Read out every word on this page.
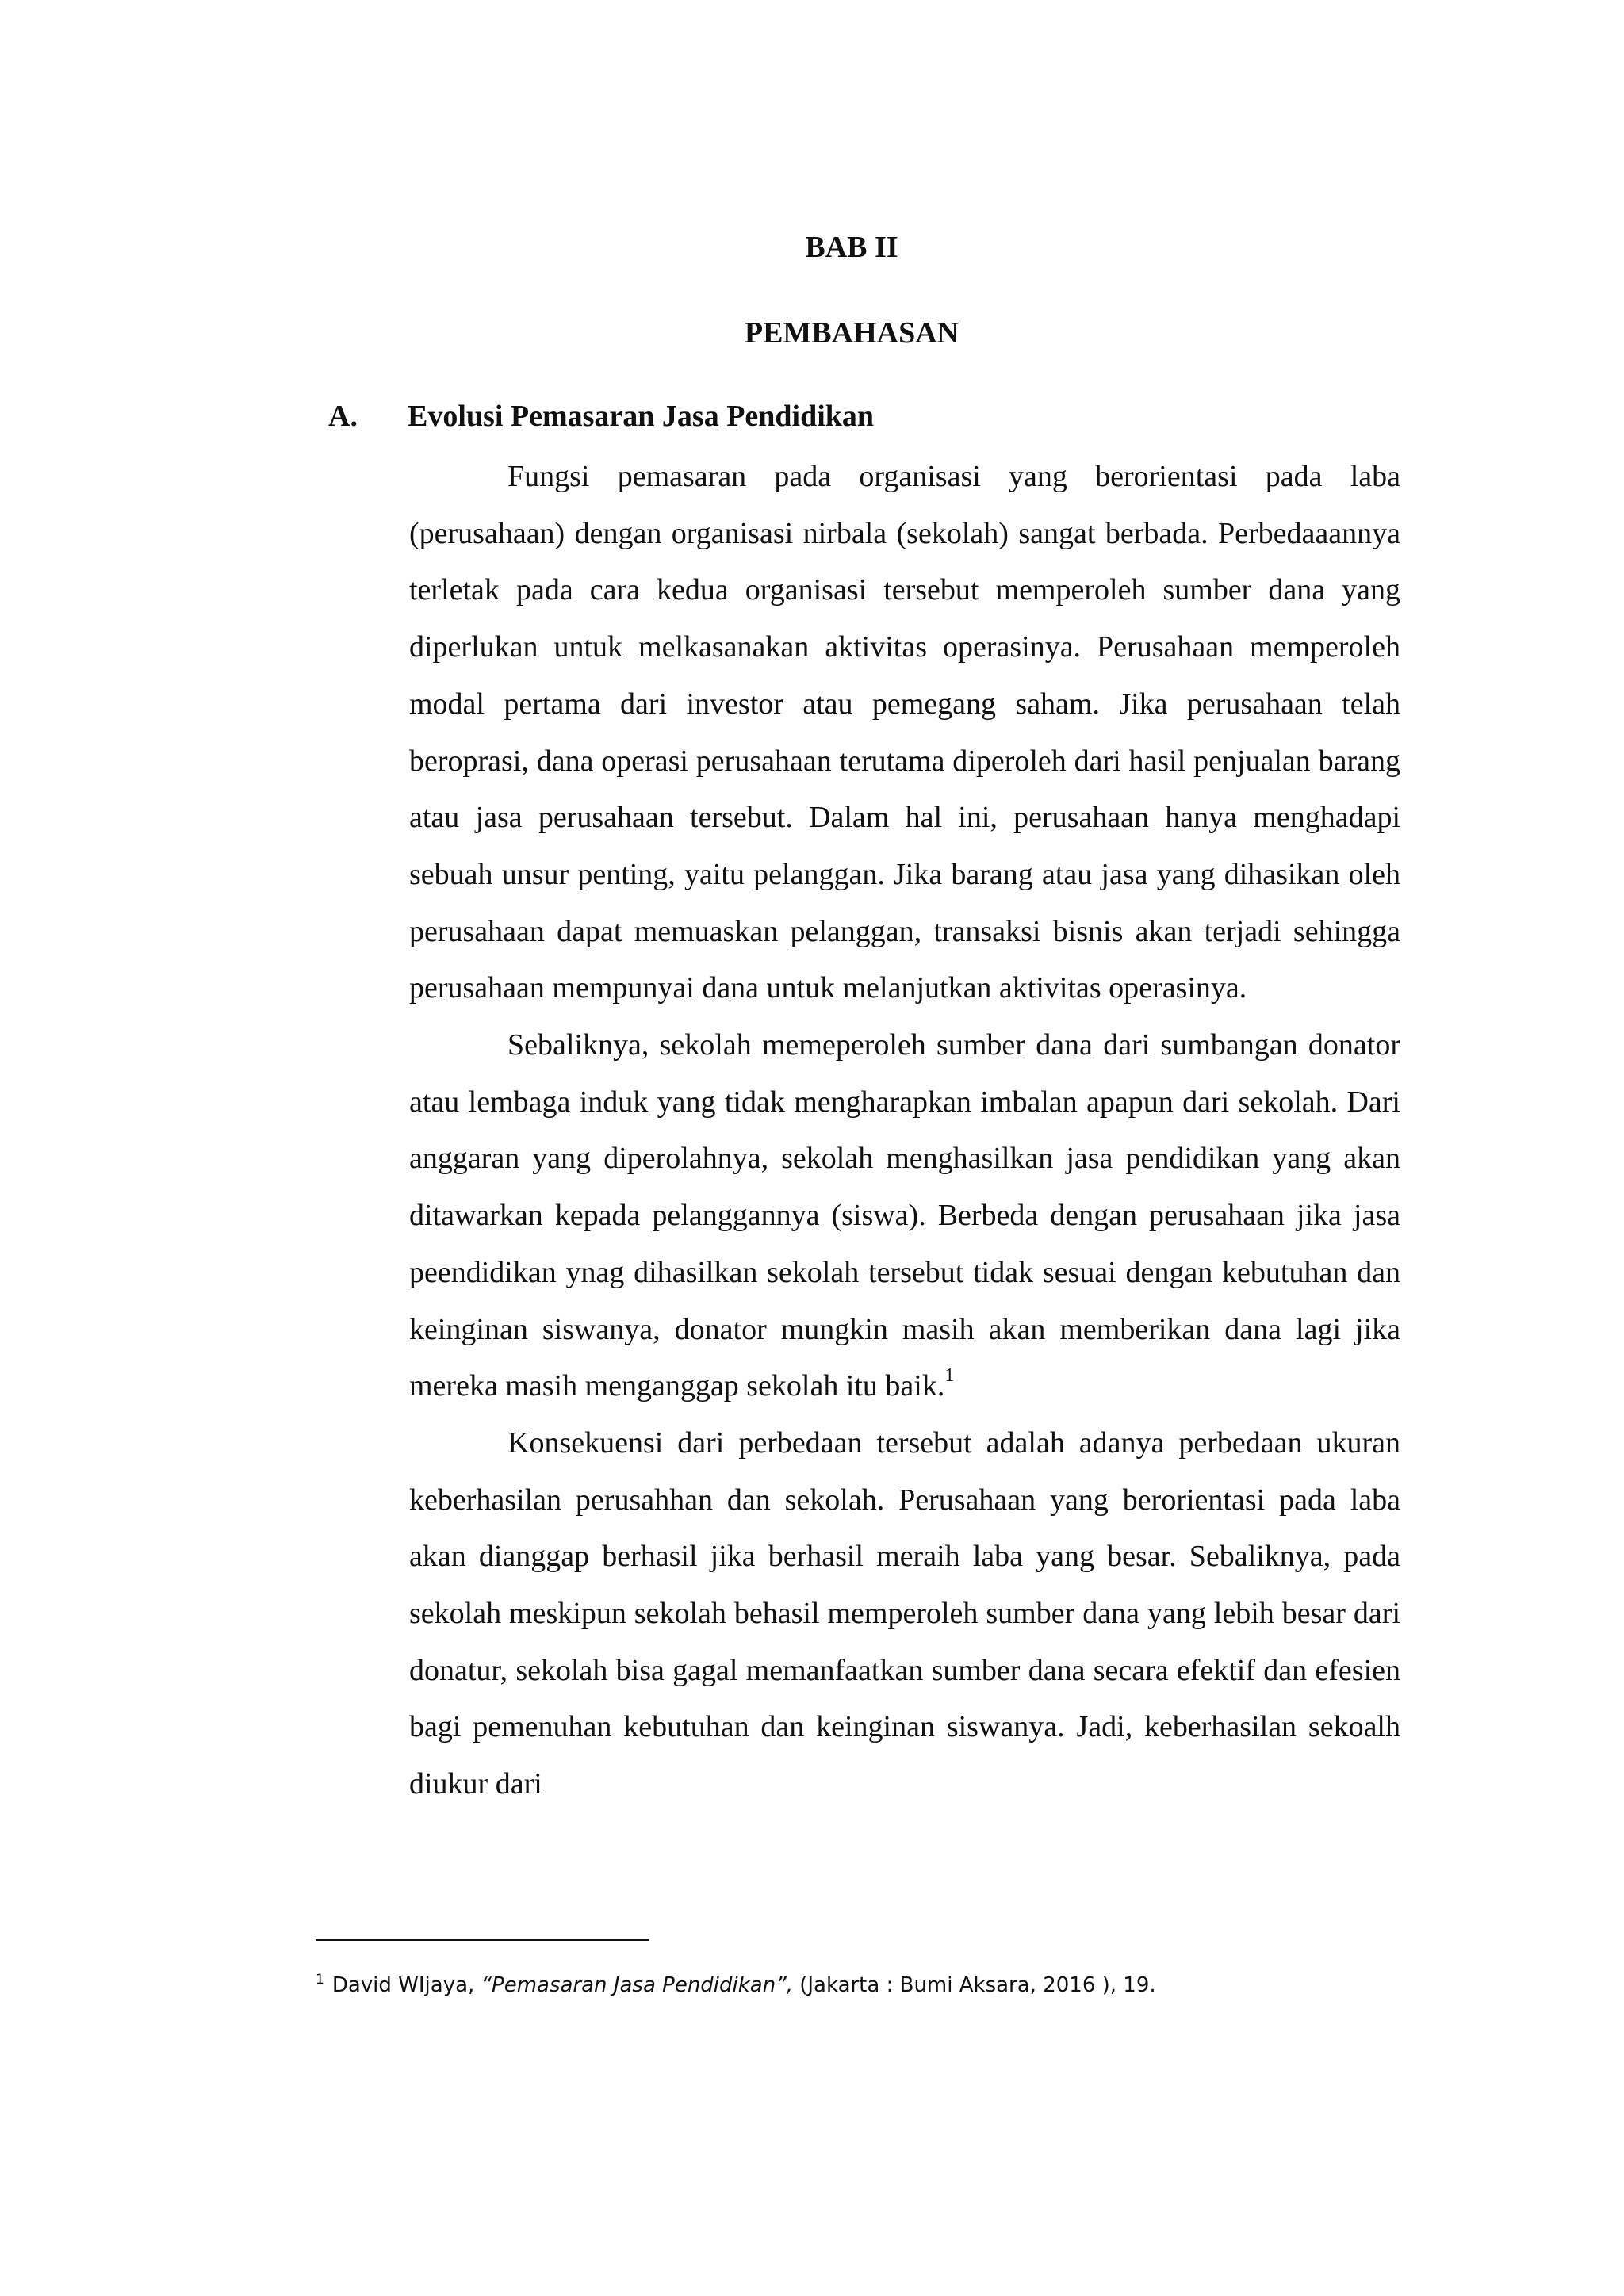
BAB II
PEMBAHASAN
A. Evolusi Pemasaran Jasa Pendidikan

Fungsi pemasaran pada organisasi yang berorientasi pada laba (perusahaan) dengan organisasi nirbala (sekolah) sangat berbada. Perbedaaannya terletak pada cara kedua organisasi tersebut memperoleh sumber dana yang diperlukan untuk melkasanakan aktivitas operasinya. Perusahaan memperoleh modal pertama dari investor atau pemegang saham. Jika perusahaan telah beroprasi, dana operasi perusahaan terutama diperoleh dari hasil penjualan barang atau jasa perusahaan tersebut. Dalam hal ini, perusahaan hanya menghadapi sebuah unsur penting, yaitu pelanggan. Jika barang atau jasa yang dihasikan oleh perusahaan dapat memuaskan pelanggan, transaksi bisnis akan terjadi sehingga perusahaan mempunyai dana untuk melanjutkan aktivitas operasinya.

Sebaliknya, sekolah memeperoleh sumber dana dari sumbangan donator atau lembaga induk yang tidak mengharapkan imbalan apapun dari sekolah. Dari anggaran yang diperolahnya, sekolah menghasilkan jasa pendidikan yang akan ditawarkan kepada pelanggannya (siswa). Berbeda dengan perusahaan jika jasa peendidikan ynag dihasilkan sekolah tersebut tidak sesuai dengan kebutuhan dan keinginan siswanya, donator mungkin masih akan memberikan dana lagi jika mereka masih menganggap sekolah itu baik.$^1$

Konsekuensi dari perbedaan tersebut adalah adanya perbedaan ukuran keberhasilan perusahhan dan sekolah. Perusahaan yang berorientasi pada laba akan dianggap berhasil jika berhasil meraih laba yang besar. Sebaliknya, pada sekolah meskipun sekolah behasil memperoleh sumber dana yang lebih besar dari donatur, sekolah bisa gagal memanfaatkan sumber dana secara efektif dan efesien bagi pemenuhan kebutuhan dan keinginan siswanya. Jadi, keberhasilan sekoalh diukur dari

$^1$ David WIjaya, “Pemasaran Jasa Pendidikan”, (Jakarta : Bumi Aksara, 2016 ), 19.
